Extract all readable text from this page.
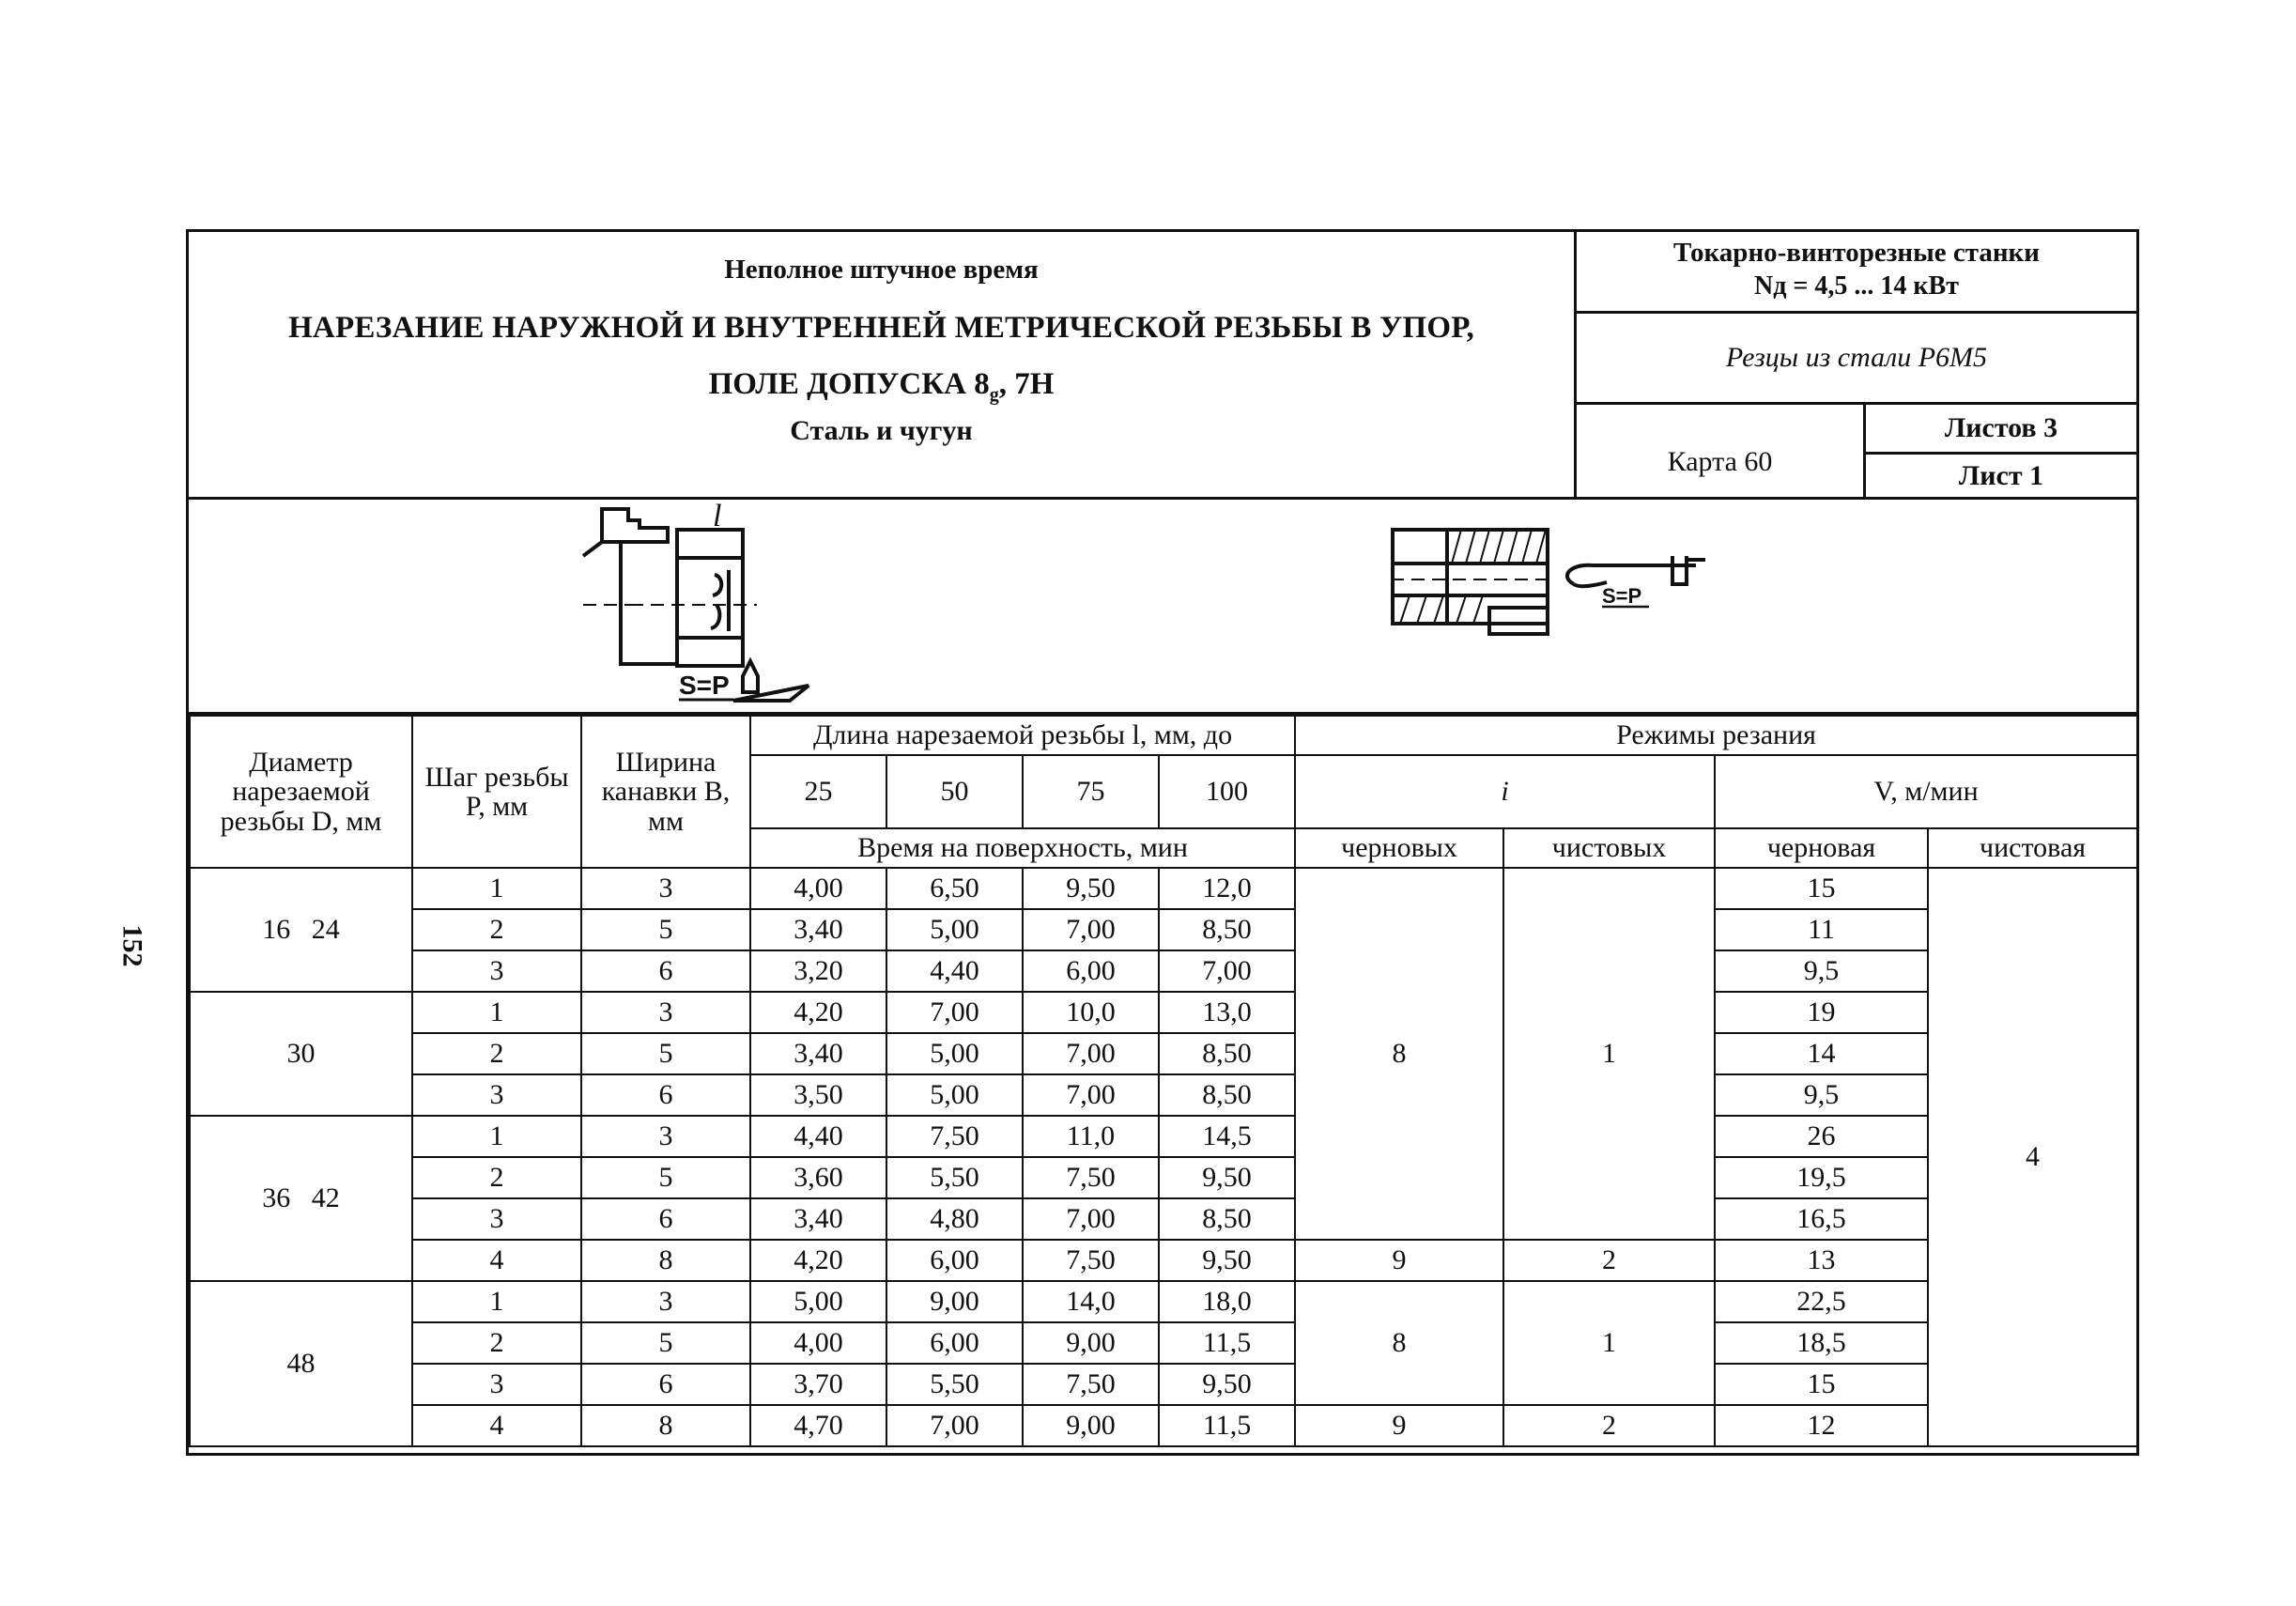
152
Неполное штучное время
НАРЕЗАНИЕ НАРУЖНОЙ И ВНУТРЕННЕЙ МЕТРИЧЕСКОЙ РЕЗЬБЫ В УПОР,
ПОЛЕ ДОПУСКА $8_g$, 7H
Сталь и чугун
Токарно-винторезные станки
Nд = 4,5 ... 14 кВт
Резцы из стали Р6М5
Карта 60
Листов 3
Лист 1
l
S=P
S=P
Диаметр нарезаемой резьбы D, мм	Шаг резьбы P, мм	Ширина канавки B, мм	Длина нарезаемой резьбы l, мм, до				Режимы резания			
			25	50	75	100	i		V, м/мин	
			Время на поверхность, мин				черновых	чистовых	черновая	чистовая
16   24	1	3	4,00	6,50	9,50	12,0	8	1	15	4
	2	5	3,40	5,00	7,00	8,50			11	
	3	6	3,20	4,40	6,00	7,00			9,5	
30	1	3	4,20	7,00	10,0	13,0			19	
	2	5	3,40	5,00	7,00	8,50			14	
	3	6	3,50	5,00	7,00	8,50			9,5	
36   42	1	3	4,40	7,50	11,0	14,5			26	
	2	5	3,60	5,50	7,50	9,50			19,5	
	3	6	3,40	4,80	7,00	8,50			16,5	
	4	8	4,20	6,00	7,50	9,50	9	2	13	
48	1	3	5,00	9,00	14,0	18,0	8	1	22,5	
	2	5	4,00	6,00	9,00	11,5			18,5	
	3	6	3,70	5,50	7,50	9,50			15	
	4	8	4,70	7,00	9,00	11,5	9	2	12	
